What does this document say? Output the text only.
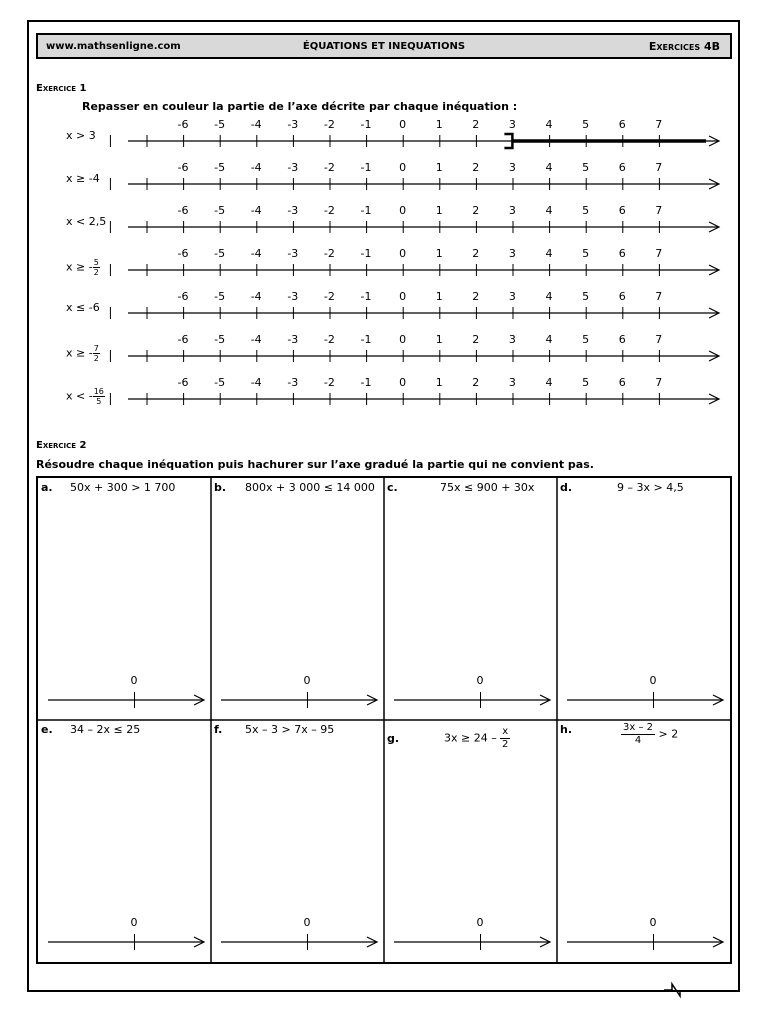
www.mathsenligne.com	ÉQUATIONS ET INEQUATIONS	Exercices 4B
Exercice 1
Repasser en couleur la partie de l’axe décrite par chaque inéquation :
x > 3
x ≥ -4
x < 2,5
x ≥ - $\frac{5}{2}$
x ≤ -6
x ≥ - $\frac{7}{2}$
x < - $\frac{16}{5}$
-6 -5 -4 -3 -2 -1	0	1	2	3	4	5	6	7
-6 -5 -4 -3 -2 -1	0	1	2	3	4	5	6	7
-6 -5 -4 -3 -2 -1	0	1	2	3	4	5	6	7
-6 -5 -4 -3 -2 -1	0	1	2	3	4	5	6	7
-6 -5 -4 -3 -2 -1	0	1	2	3	4	5	6	7
-6 -5 -4 -3 -2 -1	0	1	2	3	4	5	6	7
-6 -5 -4 -3 -2 -1	0	1	2	3	4	5	6	7
Exercice 2
Résoudre chaque inéquation puis hachurer sur l’axe gradué la partie qui ne convient pas.
a. 50x + 300 > 1 700
0
b. 800x + 3 000 ≤ 14 000
0
c.	75x ≤ 900 + 30x
0
d.	9 – 3x > 4,5
0
e. 34 – 2x ≤ 25
0
f. 5x – 3 > 7x – 95
0
g.	$3x \ge 24 - \frac{x}{2}$
0
h.	$\frac{3x - 2}{4} > 2$
0
